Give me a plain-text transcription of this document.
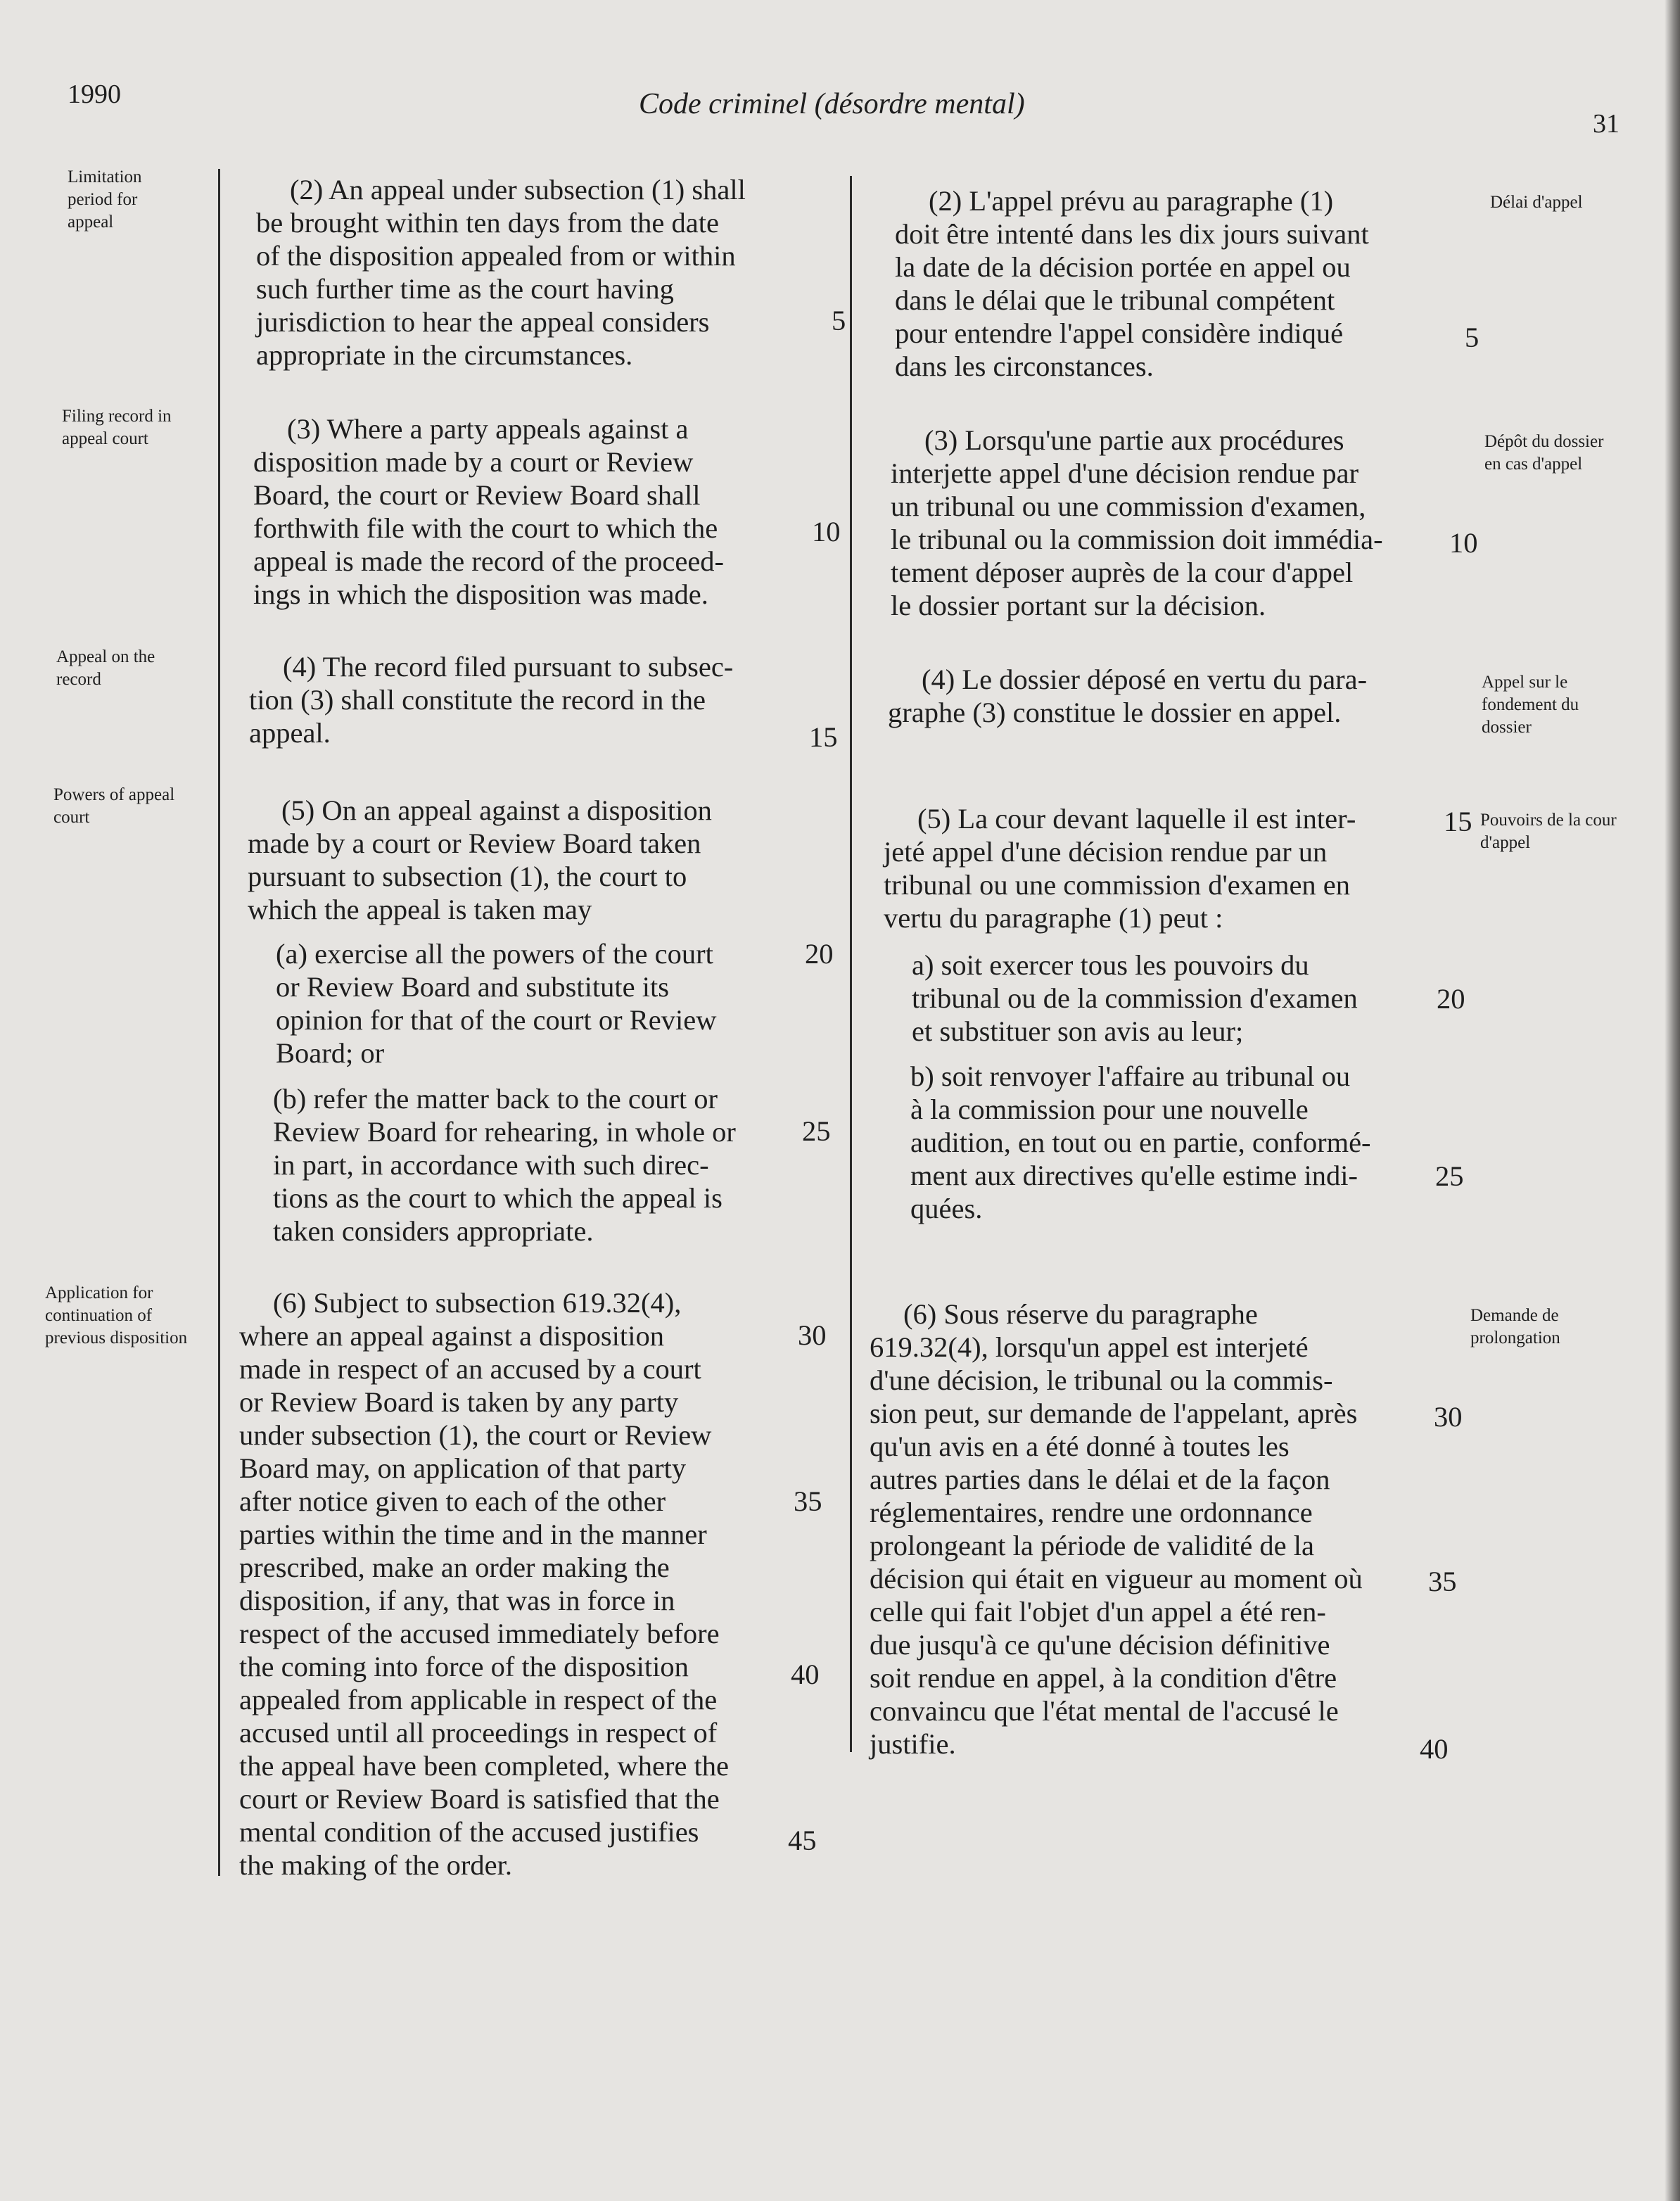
1990	Code criminel (désordre mental)
31
Limitation period for appeal
Filing record in appeal court
Appeal on the record
Powers of appeal court
Application for continuation of previous disposition
Délai d'appel
Dépôt du dossier en cas d'appel
Appel sur le fondement du dossier
Pouvoirs de la cour d'appel
Demande de prolongation
(2) An appeal under subsection (1) shall
be brought within ten days from the date
of the disposition appealed from or within
such further time as the court having
jurisdiction to hear the appeal considers
appropriate in the circumstances.
(3) Where a party appeals against a
disposition made by a court or Review
Board, the court or Review Board shall
forthwith file with the court to which the
appeal is made the record of the proceed-
ings in which the disposition was made.
(4) The record filed pursuant to subsec-
tion (3) shall constitute the record in the
appeal.
(5) On an appeal against a disposition
made by a court or Review Board taken
pursuant to subsection (1), the court to
which the appeal is taken may
(a) exercise all the powers of the court
or Review Board and substitute its
opinion for that of the court or Review
Board; or
(b) refer the matter back to the court or
Review Board for rehearing, in whole or
in part, in accordance with such direc-
tions as the court to which the appeal is
taken considers appropriate.
(6) Subject to subsection 619.32(4),
where an appeal against a disposition
made in respect of an accused by a court
or Review Board is taken by any party
under subsection (1), the court or Review
Board may, on application of that party
after notice given to each of the other
parties within the time and in the manner
prescribed, make an order making the
disposition, if any, that was in force in
respect of the accused immediately before
the coming into force of the disposition
appealed from applicable in respect of the
accused until all proceedings in respect of
the appeal have been completed, where the
court or Review Board is satisfied that the
mental condition of the accused justifies
the making of the order.
5
10
15
20
25
30
35
40
45
(2) L'appel prévu au paragraphe (1)
doit être intenté dans les dix jours suivant
la date de la décision portée en appel ou
dans le délai que le tribunal compétent
pour entendre l'appel considère indiqué
dans les circonstances.
(3) Lorsqu'une partie aux procédures
interjette appel d'une décision rendue par
un tribunal ou une commission d'examen,
le tribunal ou la commission doit immédia-
tement déposer auprès de la cour d'appel
le dossier portant sur la décision.
(4) Le dossier déposé en vertu du para-
graphe (3) constitue le dossier en appel.
(5) La cour devant laquelle il est inter-
jeté appel d'une décision rendue par un
tribunal ou une commission d'examen en
vertu du paragraphe (1) peut :
a) soit exercer tous les pouvoirs du
tribunal ou de la commission d'examen
et substituer son avis au leur;
b) soit renvoyer l'affaire au tribunal ou
à la commission pour une nouvelle
audition, en tout ou en partie, conformé-
ment aux directives qu'elle estime indi-
quées.
(6) Sous réserve du paragraphe
619.32(4), lorsqu'un appel est interjeté
d'une décision, le tribunal ou la commis-
sion peut, sur demande de l'appelant, après
qu'un avis en a été donné à toutes les
autres parties dans le délai et de la façon
réglementaires, rendre une ordonnance
prolongeant la période de validité de la
décision qui était en vigueur au moment où
celle qui fait l'objet d'un appel a été ren-
due jusqu'à ce qu'une décision définitive
soit rendue en appel, à la condition d'être
convaincu que l'état mental de l'accusé le
justifie.
5
10
15
20
25
30
35
40
